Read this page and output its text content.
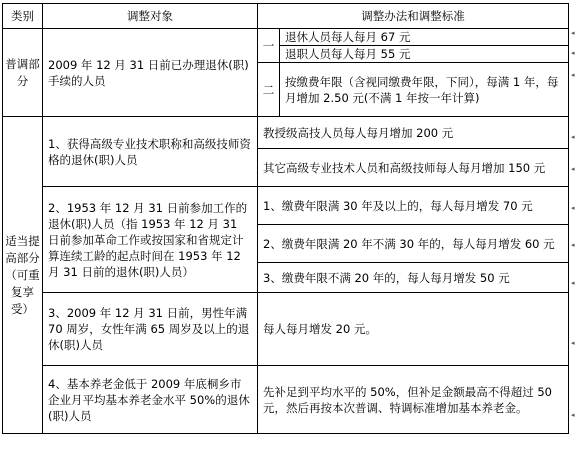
类别	调整对象	调整办法和调整标准	
普调部分	2009 年 12 月 31 日前已办理退休(职)手续的人员	一	退休人员每人每月 67 元
			退职人员每人每月 55 元
		二	按缴费年限（含视同缴费年限，下同），每满 1 年，每月增加 2.50 元(不满 1 年按一年计算)
适当提高部分（可重复享受）	1、获得高级专业技术职称和高级技师资格的退休(职)人员	教授级高技人员每人每月增加 200 元	
		其它高级专业技术人员和高级技师每人每月增加 150 元	
	2、1953 年 12 月 31 日前参加工作的退休(职)人员（指 1953 年 12 月 31 日前参加革命工作或按国家和省规定计算连续工龄的起点时间在 1953 年 12 月 31 日前的退休(职)人员）	1、缴费年限满 30 年及以上的，每人每月增发 70 元	
		2、缴费年限满 20 年不满 30 年的，每人每月增发 60 元	
		3、缴费年限不满 20 年的，每人每月增发 50 元	
	3、2009 年 12 月 31 日前，男性年满 70 周岁，女性年满 65 周岁及以上的退休(职)人员	每人每月增发 20 元。	
	4、基本养老金低于 2009 年底桐乡市企业月平均基本养老金水平 50%的退休(职)人员	先补足到平均水平的 50%，但补足金额最高不得超过 50 元，然后再按本次普调、特调标准增加基本养老金。	
◂
◂
◂
◂
◂
◂
◂
◂
◂
◂
